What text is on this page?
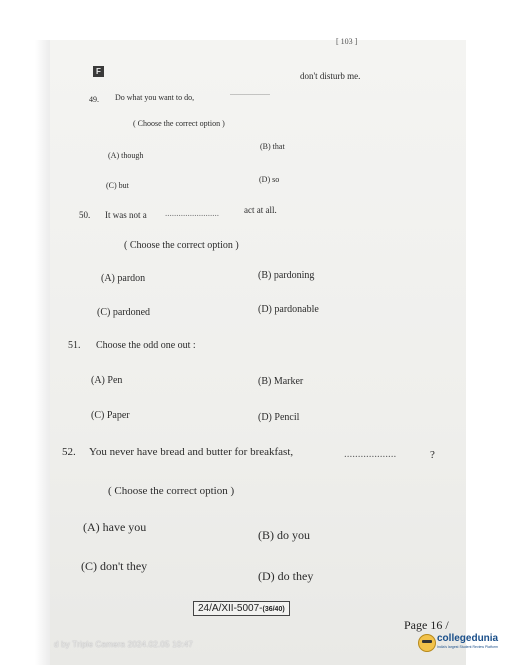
[ 103 ]
F
49. Do what you want to do,
....................
don't disturb me.
( Choose the correct option )
(A) though
(B) that
(C) but
(D) so
50. It was not a ........................	act at all.
( Choose the correct option )
(A) pardon	(B) pardoning
(C) pardoned	(D) pardonable
51. Choose the odd one out :
(A) Pen	(B) Marker
(C) Paper	(D) Pencil
52. You never have bread and butter for breakfast,	...................	?
( Choose the correct option )
(A) have you
(B) do you
(C) don't they
(D) do they
24/A/XII-5007-(36/40)
Page 16 /
d by Triple Camera 2024.02.05 10:47
collegedunia
India's largest Student Review Platform
